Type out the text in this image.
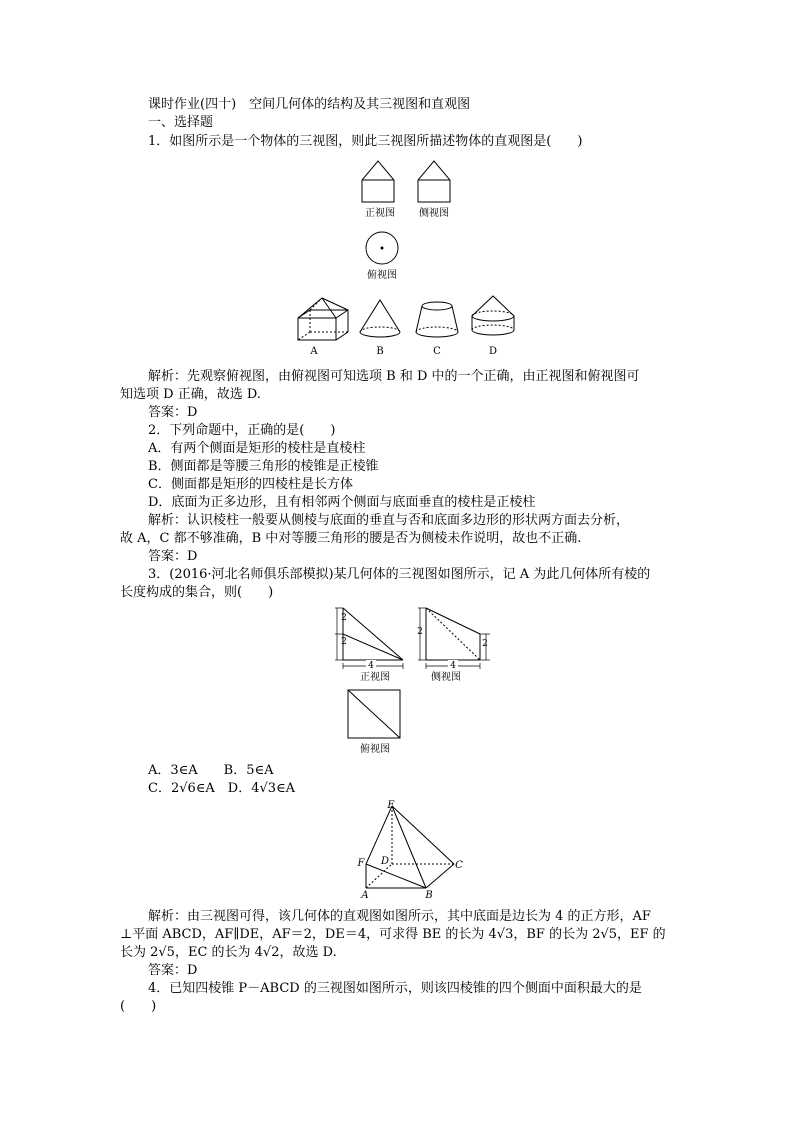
课时作业(四十)　空间几何体的结构及其三视图和直观图
一、选择题
1．如图所示是一个物体的三视图，则此三视图所描述物体的直观图是(　　)
正视图	侧视图
俯视图
A	B	C	D
解析：先观察俯视图，由俯视图可知选项 B 和 D 中的一个正确，由正视图和俯视图可
知选项 D 正确，故选 D.
答案：D
2．下列命题中，正确的是(　　)
A．有两个侧面是矩形的棱柱是直棱柱
B．侧面都是等腰三角形的棱锥是正棱锥
C．侧面都是矩形的四棱柱是长方体
D．底面为正多边形，且有相邻两个侧面与底面垂直的棱柱是正棱柱
解析：认识棱柱一般要从侧棱与底面的垂直与否和底面多边形的形状两方面去分析，
故 A，C 都不够准确，B 中对等腰三角形的腰是否为侧棱未作说明，故也不正确.
答案：D
3．(2016·河北名师俱乐部模拟)某几何体的三视图如图所示，记 A 为此几何体所有棱的
长度构成的集合，则(　　)
2
2
4
2
2
4
正视图	侧视图
俯视图
A．3∈A　　B．5∈A
C．2√6∈A　D．4√3∈A
E
F D	C
A	B
解析：由三视图可得，该几何体的直观图如图所示，其中底面是边长为 4 的正方形，AF
⊥平面 ABCD，AF∥DE，AF＝2，DE＝4，可求得 BE 的长为 4√3，BF 的长为 2√5，EF 的
长为 2√5，EC 的长为 4√2，故选 D.
答案：D
4．已知四棱锥 P－ABCD 的三视图如图所示，则该四棱锥的四个侧面中面积最大的是
(　　)
